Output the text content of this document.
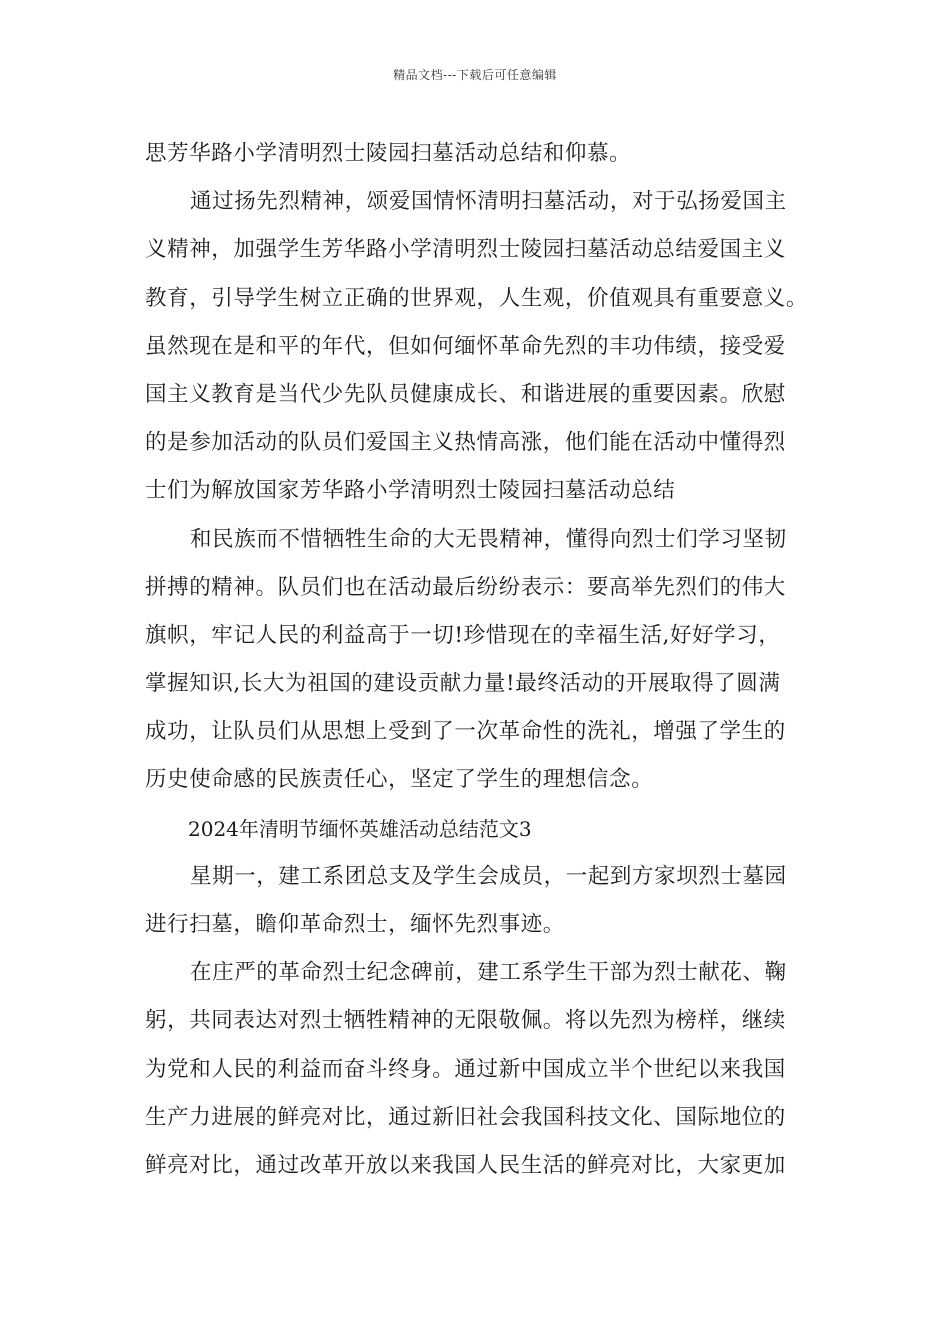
精品文档---下载后可任意编辑
思芳华路小学清明烈士陵园扫墓活动总结和仰慕。
通过扬先烈精神，颂爱国情怀清明扫墓活动，对于弘扬爱国主
义精神，加强学生芳华路小学清明烈士陵园扫墓活动总结爱国主义
教育，引导学生树立正确的世界观，人生观，价值观具有重要意义。
虽然现在是和平的年代，但如何缅怀革命先烈的丰功伟绩，接受爱
国主义教育是当代少先队员健康成长、和谐进展的重要因素。欣慰
的是参加活动的队员们爱国主义热情高涨，他们能在活动中懂得烈
士们为解放国家芳华路小学清明烈士陵园扫墓活动总结
和民族而不惜牺牲生命的大无畏精神，懂得向烈士们学习坚韧
拼搏的精神。队员们也在活动最后纷纷表示：要高举先烈们的伟大
旗帜，牢记人民的利益高于一切!珍惜现在的幸福生活,好好学习，
掌握知识,长大为祖国的建设贡献力量!最终活动的开展取得了圆满
成功，让队员们从思想上受到了一次革命性的洗礼，增强了学生的
历史使命感的民族责任心，坚定了学生的理想信念。
2024年清明节缅怀英雄活动总结范文3
星期一，建工系团总支及学生会成员，一起到方家坝烈士墓园
进行扫墓，瞻仰革命烈士，缅怀先烈事迹。
在庄严的革命烈士纪念碑前，建工系学生干部为烈士献花、鞠
躬，共同表达对烈士牺牲精神的无限敬佩。将以先烈为榜样，继续
为党和人民的利益而奋斗终身。通过新中国成立半个世纪以来我国
生产力进展的鲜亮对比，通过新旧社会我国科技文化、国际地位的
鲜亮对比，通过改革开放以来我国人民生活的鲜亮对比，大家更加
